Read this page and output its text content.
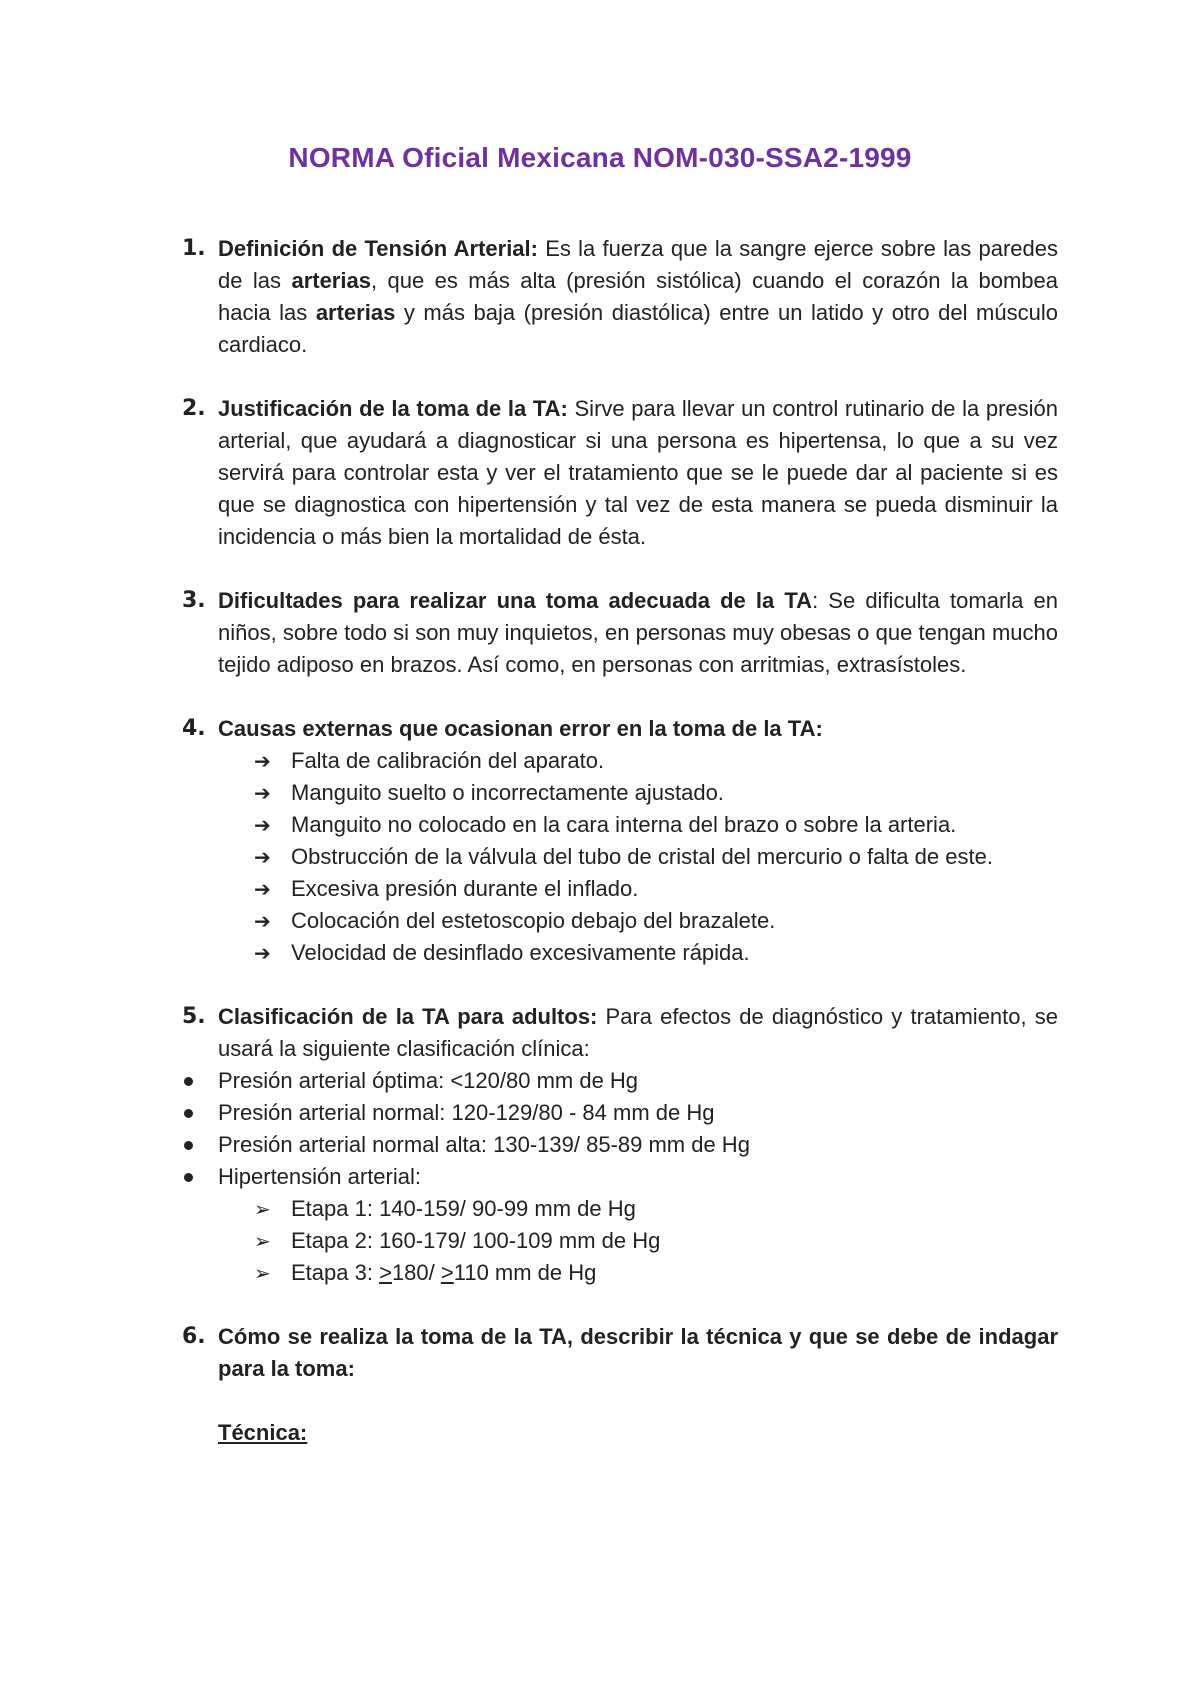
NORMA Oficial Mexicana NOM-030-SSA2-1999
1. Definición de Tensión Arterial: Es la fuerza que la sangre ejerce sobre las paredes de las arterias, que es más alta (presión sistólica) cuando el corazón la bombea hacia las arterias y más baja (presión diastólica) entre un latido y otro del músculo cardiaco.
2. Justificación de la toma de la TA: Sirve para llevar un control rutinario de la presión arterial, que ayudará a diagnosticar si una persona es hipertensa, lo que a su vez servirá para controlar esta y ver el tratamiento que se le puede dar al paciente si es que se diagnostica con hipertensión y tal vez de esta manera se pueda disminuir la incidencia o más bien la mortalidad de ésta.
3. Dificultades para realizar una toma adecuada de la TA: Se dificulta tomarla en niños, sobre todo si son muy inquietos, en personas muy obesas o que tengan mucho tejido adiposo en brazos. Así como, en personas con arritmias, extrasístoles.
4. Causas externas que ocasionan error en la toma de la TA:
➔ Falta de calibración del aparato.
➔ Manguito suelto o incorrectamente ajustado.
➔ Manguito no colocado en la cara interna del brazo o sobre la arteria.
➔ Obstrucción de la válvula del tubo de cristal del mercurio o falta de este.
➔ Excesiva presión durante el inflado.
➔ Colocación del estetoscopio debajo del brazalete.
➔ Velocidad de desinflado excesivamente rápida.
5. Clasificación de la TA para adultos: Para efectos de diagnóstico y tratamiento, se usará la siguiente clasificación clínica:
Presión arterial óptima: <120/80 mm de Hg
Presión arterial normal: 120-129/80 - 84 mm de Hg
Presión arterial normal alta: 130-139/ 85-89 mm de Hg
Hipertensión arterial:
➢ Etapa 1: 140-159/ 90-99 mm de Hg
➢ Etapa 2: 160-179/ 100-109 mm de Hg
➢ Etapa 3: >180/ >110 mm de Hg
6. Cómo se realiza la toma de la TA, describir la técnica y que se debe de indagar para la toma:
Técnica:
